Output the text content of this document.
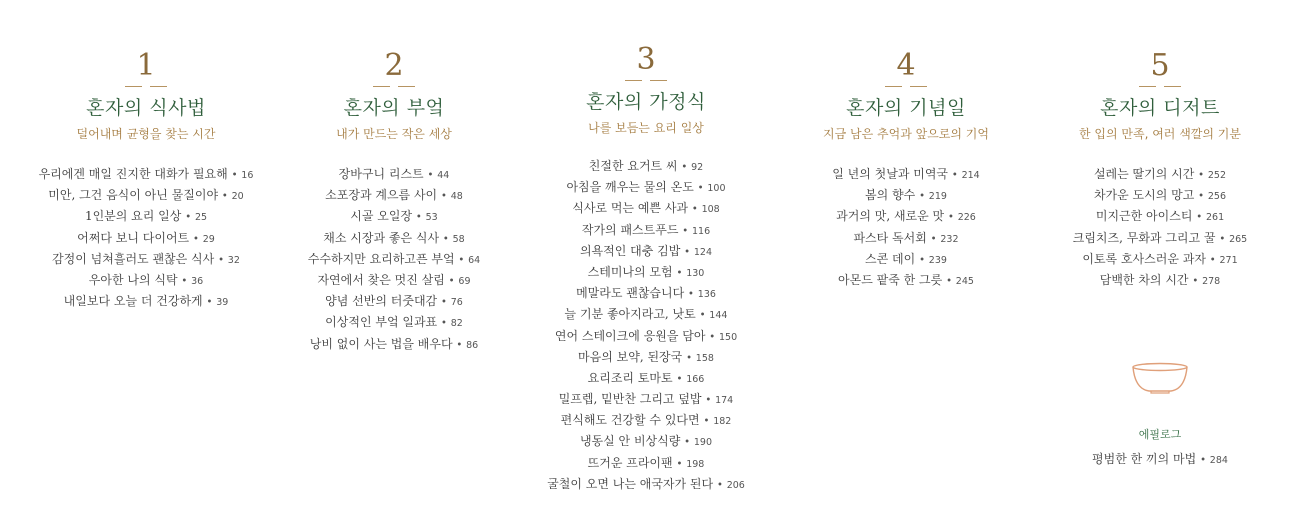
1
혼자의 식사법
덜어내며 균형을 찾는 시간
우리에겐 매일 진지한 대화가 필요해 • 16
미안, 그건 음식이 아닌 물질이야 • 20
1인분의 요리 일상 • 25
어쩌다 보니 다이어트 • 29
감정이 넘쳐흘러도 괜찮은 식사 • 32
우아한 나의 식탁 • 36
내일보다 오늘 더 건강하게 • 39
2
혼자의 부엌
내가 만드는 작은 세상
장바구니 리스트 • 44
소포장과 계으름 사이 • 48
시골 오일장 • 53
채소 시장과 좋은 식사 • 58
수수하지만 요리하고픈 부엌 • 64
자연에서 찾은 멋진 살림 • 69
양념 선반의 터줏대감 • 76
이상적인 부엌 일과표 • 82
낭비 없이 사는 법을 배우다 • 86
3
혼자의 가정식
나를 보듬는 요리 일상
친절한 요거트 씨 • 92
아침을 깨우는 물의 온도 • 100
식사로 먹는 예쁜 사과 • 108
작가의 패스트푸드 • 116
의욕적인 대충 김밥 • 124
스테미나의 모험 • 130
메말라도 괜찮습니다 • 136
늘 기분 좋아지라고, 낫토 • 144
연어 스테이크에 응원을 담아 • 150
마음의 보약, 된장국 • 158
요리조리 토마토 • 166
밀프렙, 밑반찬 그리고 덮밥 • 174
편식해도 건강할 수 있다면 • 182
냉동실 안 비상식량 • 190
뜨거운 프라이팬 • 198
굴철이 오면 나는 애국자가 된다 • 206
4
혼자의 기념일
지금 남은 추억과 앞으로의 기억
일 년의 첫날과 미역국 • 214
봄의 향수 • 219
과거의 맛, 새로운 맛 • 226
파스타 독서회 • 232
스콘 데이 • 239
아몬드 팥죽 한 그릇 • 245
5
혼자의 디저트
한 입의 만족, 여러 색깔의 기분
설레는 딸기의 시간 • 252
차가운 도시의 망고 • 256
미지근한 아이스티 • 261
크림치즈, 무화과 그리고 꿀 • 265
이토록 호사스러운 과자 • 271
담백한 차의 시간 • 278
에필로그
평범한 한 끼의 마법 • 284
